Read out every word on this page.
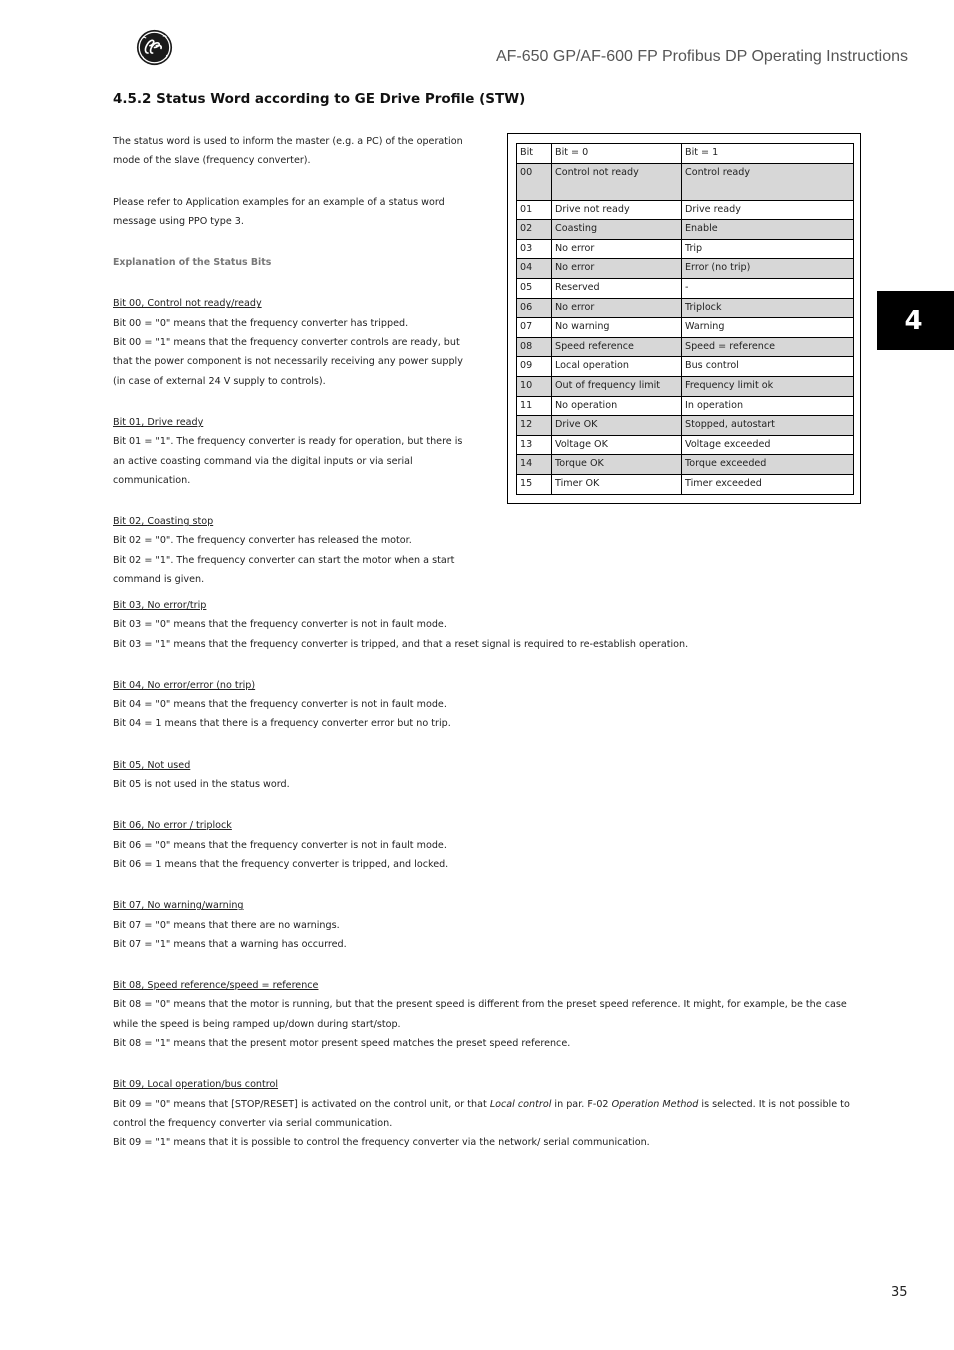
AF-650 GP/AF-600 FP Profibus DP Operating Instructions
4.5.2 Status Word according to GE Drive Profile (STW)
4

The status word is used to inform the master (e.g. a PC) of the operation mode of the slave (frequency converter).

Please refer to Application examples for an example of a status word message using PPO type 3.

Explanation of the Status Bits

Bit 00, Control not ready/ready

Bit 00 = "0" means that the frequency converter has tripped.

Bit 00 = "1" means that the frequency converter controls are ready, but that the power component is not necessarily receiving any power supply (in case of external 24 V supply to controls).

Bit 01, Drive ready

Bit 01 = "1". The frequency converter is ready for operation, but there is an active coasting command via the digital inputs or via serial communication.

Bit 02, Coasting stop

Bit 02 = "0". The frequency converter has released the motor.

Bit 02 = "1". The frequency converter can start the motor when a start command is given.

Bit	Bit = 0	Bit = 1
00	Control not ready	Control ready
01	Drive not ready	Drive ready
02	Coasting	Enable
03	No error	Trip
04	No error	Error (no trip)
05	Reserved	-
06	No error	Triplock
07	No warning	Warning
08	Speed reference	Speed = reference
09	Local operation	Bus control
10	Out of frequency limit	Frequency limit ok
11	No operation	In operation
12	Drive OK	Stopped, autostart
13	Voltage OK	Voltage exceeded
14	Torque OK	Torque exceeded
15	Timer OK	Timer exceeded

Bit 03, No error/trip

Bit 03 = "0" means that the frequency converter is not in fault mode.

Bit 03 = "1" means that the frequency converter is tripped, and that a reset signal is required to re-establish operation.

Bit 04, No error/error (no trip)

Bit 04 = "0" means that the frequency converter is not in fault mode.

Bit 04 = 1 means that there is a frequency converter error but no trip.

Bit 05, Not used

Bit 05 is not used in the status word.

Bit 06, No error / triplock

Bit 06 = "0" means that the frequency converter is not in fault mode.

Bit 06 = 1 means that the frequency converter is tripped, and locked.

Bit 07, No warning/warning

Bit 07 = "0" means that there are no warnings.

Bit 07 = "1" means that a warning has occurred.

Bit 08, Speed reference/speed = reference

Bit 08 = "0" means that the motor is running, but that the present speed is different from the preset speed reference. It might, for example, be the case while the speed is being ramped up/down during start/stop.

Bit 08 = "1" means that the present motor present speed matches the preset speed reference.

Bit 09, Local operation/bus control

Bit 09 = "0" means that [STOP/RESET] is activated on the control unit, or that Local control in par. F-02 Operation Method is selected. It is not possible to control the frequency converter via serial communication.

Bit 09 = "1" means that it is possible to control the frequency converter via the network/ serial communication.

35
